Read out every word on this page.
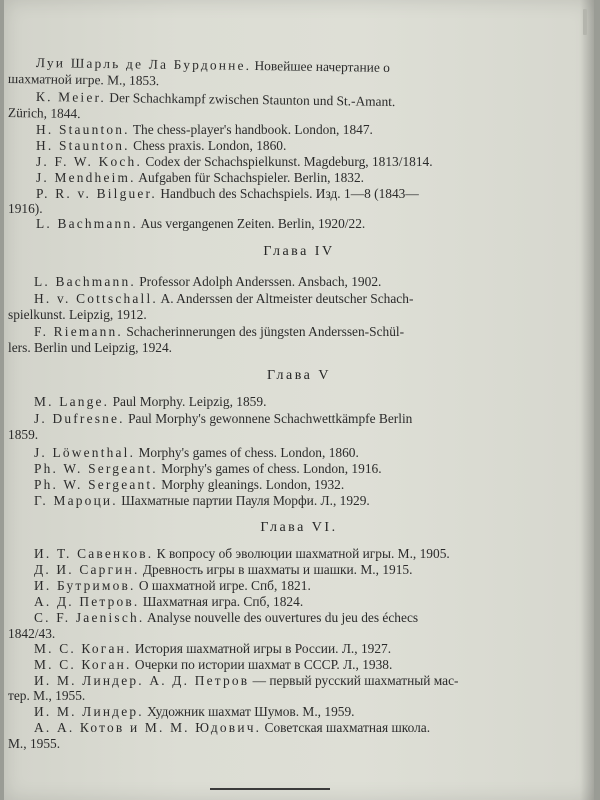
Луи Шарль де Ла Бурдонне. Новейшее начертание о
шахматной игре. М., 1853.
К. Meier. Der Schachkampf zwischen Staunton und St.-Amant.
Zürich, 1844.
H. Staunton. The chess-player's handbook. London, 1847.
H. Staunton. Chess praxis. London, 1860.
J. F. W. Koch. Codex der Schachspielkunst. Magdeburg, 1813/1814.
J. Mendheim. Aufgaben für Schachspieler. Berlin, 1832.
P. R. v. Bilguer. Handbuch des Schachspiels. Изд. 1—8 (1843—
1916).
L. Bachmann. Aus vergangenen Zeiten. Berlin, 1920/22.
Глава IV
L. Bachmann. Professor Adolph Anderssen. Ansbach, 1902.
H. v. Cottschall. A. Anderssen der Altmeister deutscher Schach-
spielkunst. Leipzig, 1912.
F. Riemann. Schacherinnerungen des jüngsten Anderssen-Schül-
lers. Berlin und Leipzig, 1924.
Глава V
M. Lange. Paul Morphy. Leipzig, 1859.
J. Dufresne. Paul Morphy's gewonnene Schachwettkämpfe Berlin
1859.
J. Löwenthal. Morphy's games of chess. London, 1860.
Ph. W. Sergeant. Morphy's games of chess. London, 1916.
Ph. W. Sergeant. Morphy gleanings. London, 1932.
Г. Мароци. Шахматные партии Пауля Морфи. Л., 1929.
Глава VI.
И. Т. Савенков. К вопросу об эволюции шахматной игры. М., 1905.
Д. И. Саргин. Древность игры в шахматы и шашки. М., 1915.
И. Бутримов. О шахматной игре. Спб, 1821.
А. Д. Петров. Шахматная игра. Спб, 1824.
C. F. Jaenisch. Analyse nouvelle des ouvertures du jeu des échecs
1842/43.
М. С. Коган. История шахматной игры в России. Л., 1927.
М. С. Коган. Очерки по истории шахмат в СССР. Л., 1938.
И. М. Линдер. А. Д. Петров — первый русский шахматный мас-
тер. М., 1955.
И. М. Линдер. Художник шахмат Шумов. М., 1959.
А. А. Котов и М. М. Юдович. Советская шахматная школа.
М., 1955.
